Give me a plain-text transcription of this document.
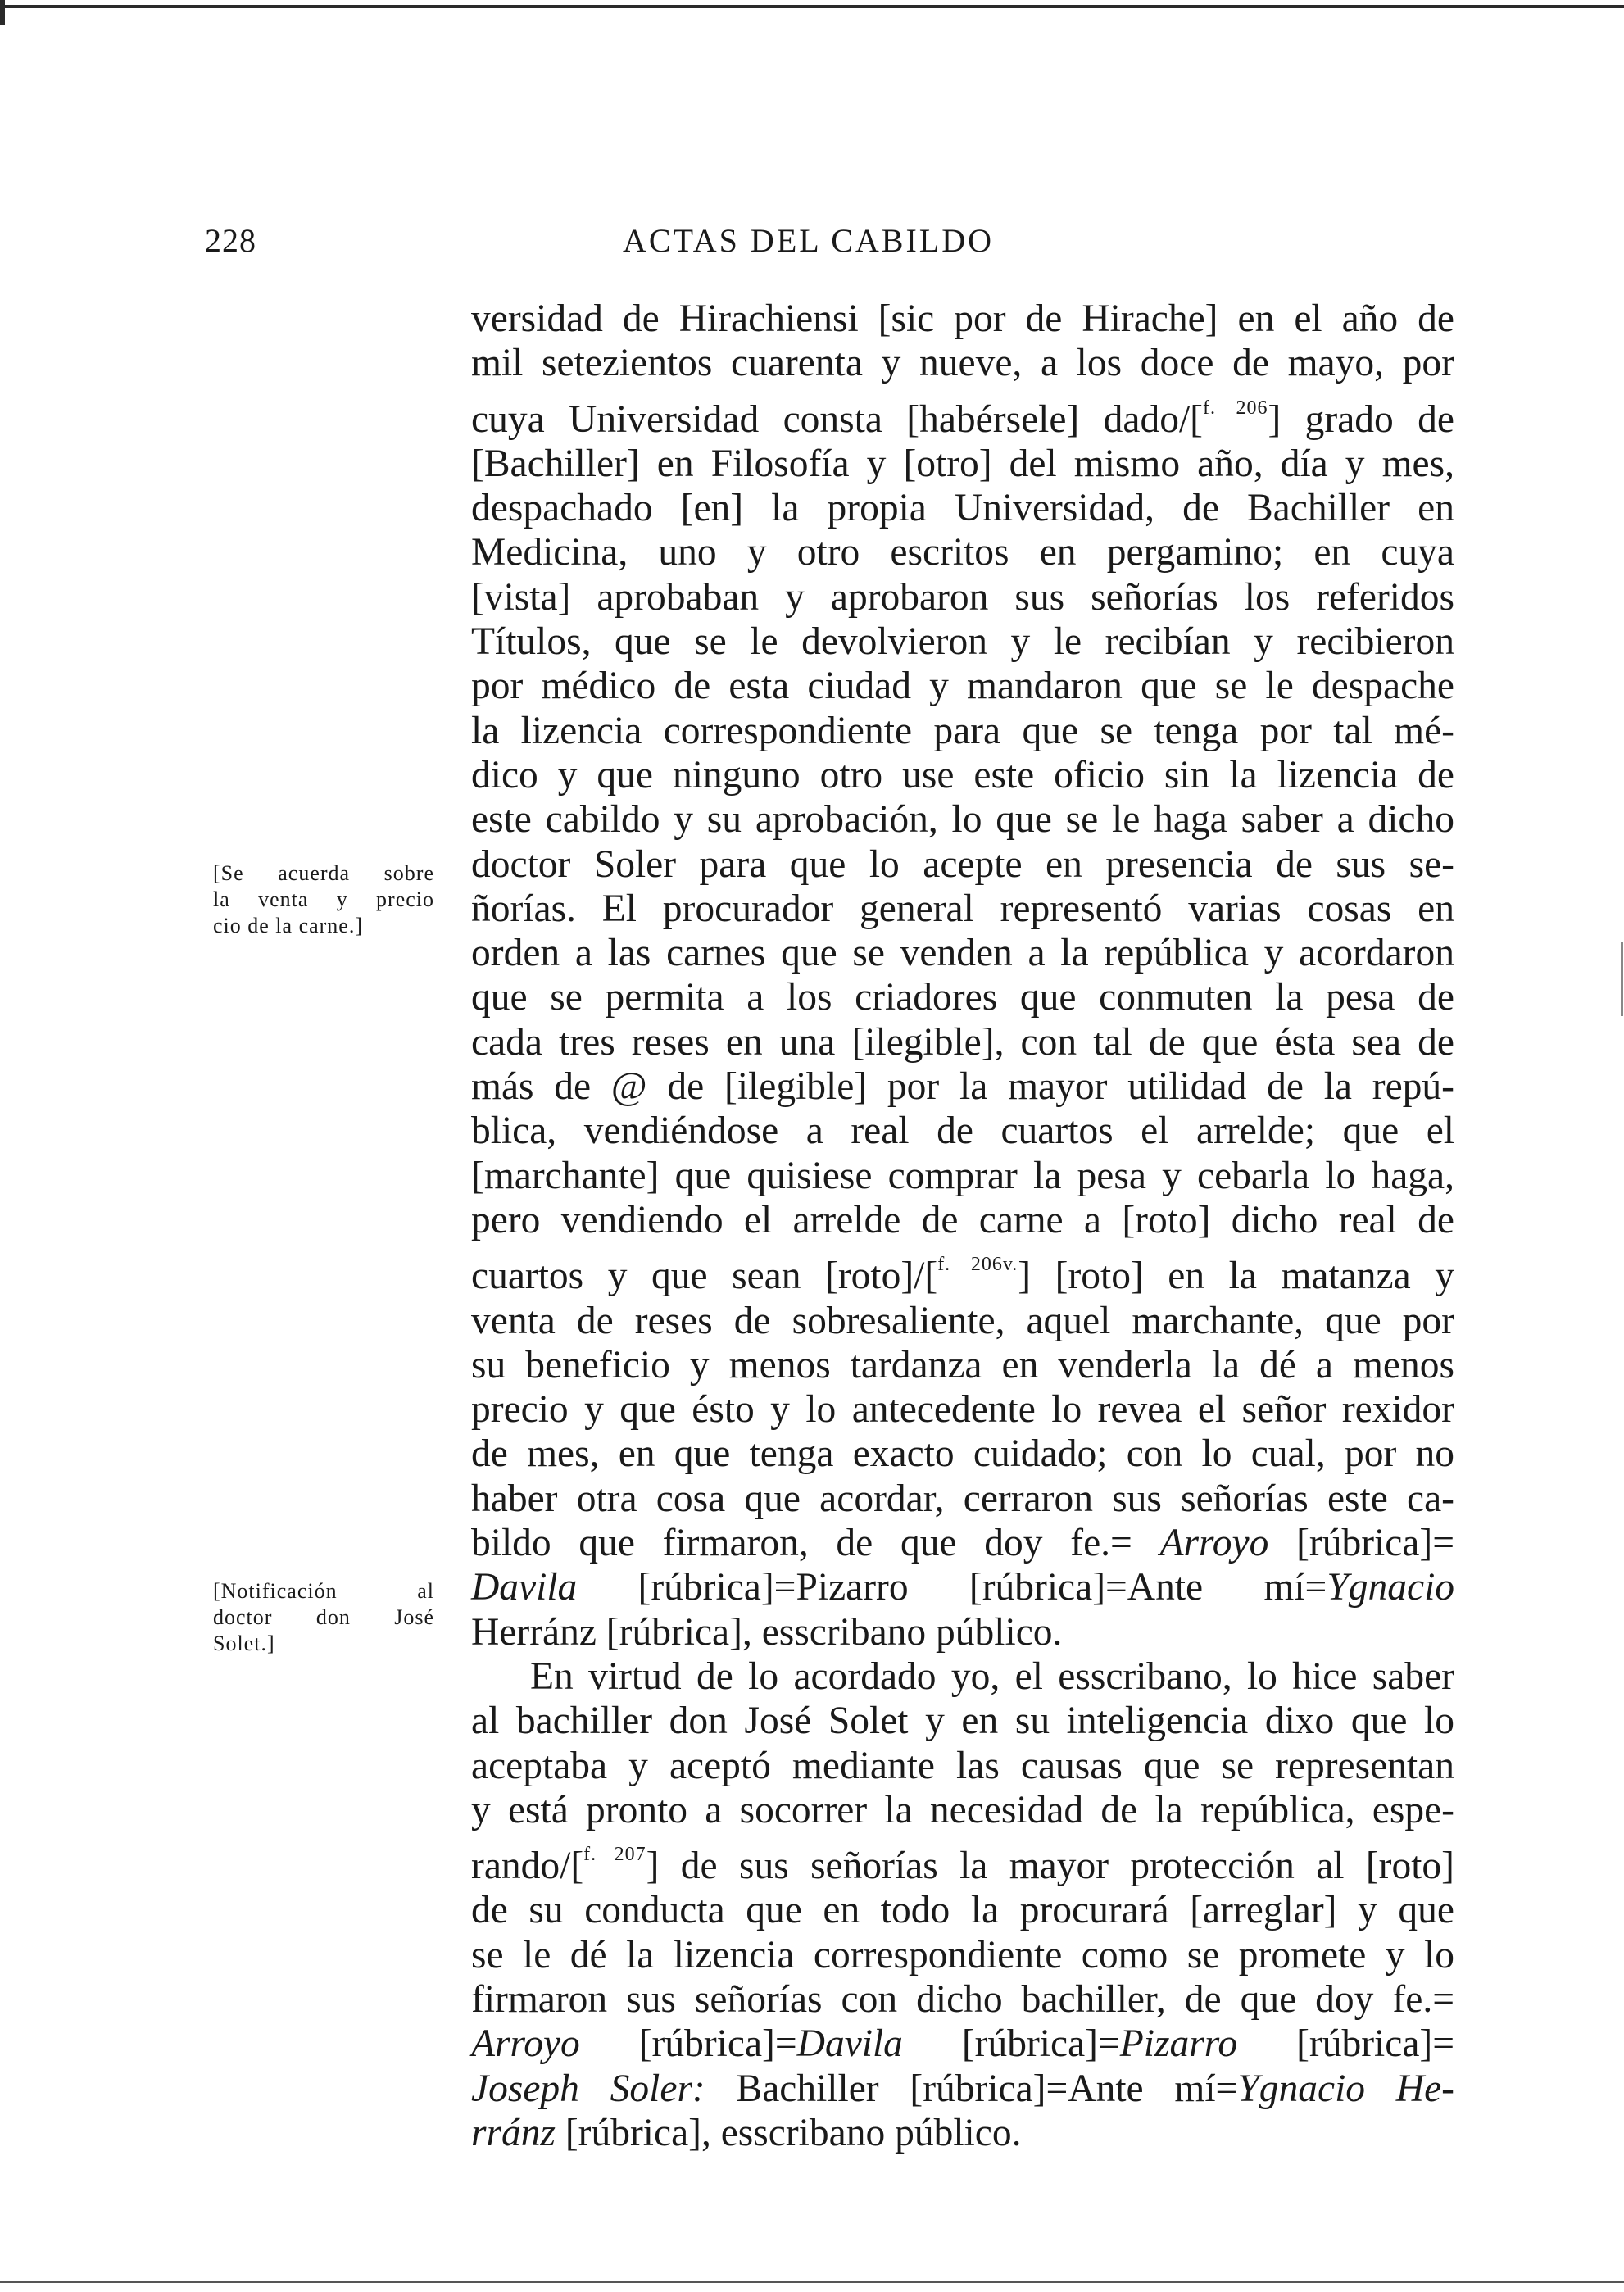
228	ACTAS DEL CABILDO
[Se acuerda sobre
la venta y precio
cio de la carne.]
[Notificación al
doctor don José
Solet.]

versidad de Hirachiensi [sic por de Hirache] en el año de
mil setezientos cuarenta y nueve, a los doce de mayo, por
cuya Universidad consta [habérsele] dado/[$^{f. 206}$] grado de
[Bachiller] en Filosofía y [otro] del mismo año, día y mes,
despachado [en] la propia Universidad, de Bachiller en
Medicina, uno y otro escritos en pergamino; en cuya
[vista] aprobaban y aprobaron sus señorías los referidos
Títulos, que se le devolvieron y le recibían y recibieron
por médico de esta ciudad y mandaron que se le despache
la lizencia correspondiente para que se tenga por tal mé-
dico y que ninguno otro use este oficio sin la lizencia de
este cabildo y su aprobación, lo que se le haga saber a dicho
doctor Soler para que lo acepte en presencia de sus se-
ñorías. El procurador general representó varias cosas en
orden a las carnes que se venden a la república y acordaron
que se permita a los criadores que conmuten la pesa de
cada tres reses en una [ilegible], con tal de que ésta sea de
más de @ de [ilegible] por la mayor utilidad de la repú-
blica, vendiéndose a real de cuartos el arrelde; que el
[marchante] que quisiese comprar la pesa y cebarla lo haga,
pero vendiendo el arrelde de carne a [roto] dicho real de
cuartos y que sean [roto]/[$^{f. 206v.}$] [roto] en la matanza y
venta de reses de sobresaliente, aquel marchante, que por
su beneficio y menos tardanza en venderla la dé a menos
precio y que ésto y lo antecedente lo revea el señor rexidor
de mes, en que tenga exacto cuidado; con lo cual, por no
haber otra cosa que acordar, cerraron sus señorías este ca-
bildo que firmaron, de que doy fe.= Arroyo [rúbrica]=
Davila [rúbrica]=Pizarro [rúbrica]=Ante mí=Ygnacio
Herránz [rúbrica], esscribano público.

En virtud de lo acordado yo, el esscribano, lo hice saber
al bachiller don José Solet y en su inteligencia dixo que lo
aceptaba y aceptó mediante las causas que se representan
y está pronto a socorrer la necesidad de la república, espe-
rando/[$^{f. 207}$] de sus señorías la mayor protección al [roto]
de su conducta que en todo la procurará [arreglar] y que
se le dé la lizencia correspondiente como se promete y lo
firmaron sus señorías con dicho bachiller, de que doy fe.=
Arroyo [rúbrica]=Davila [rúbrica]=Pizarro [rúbrica]=
Joseph Soler: Bachiller [rúbrica]=Ante mí=Ygnacio He-
rránz [rúbrica], esscribano público.
